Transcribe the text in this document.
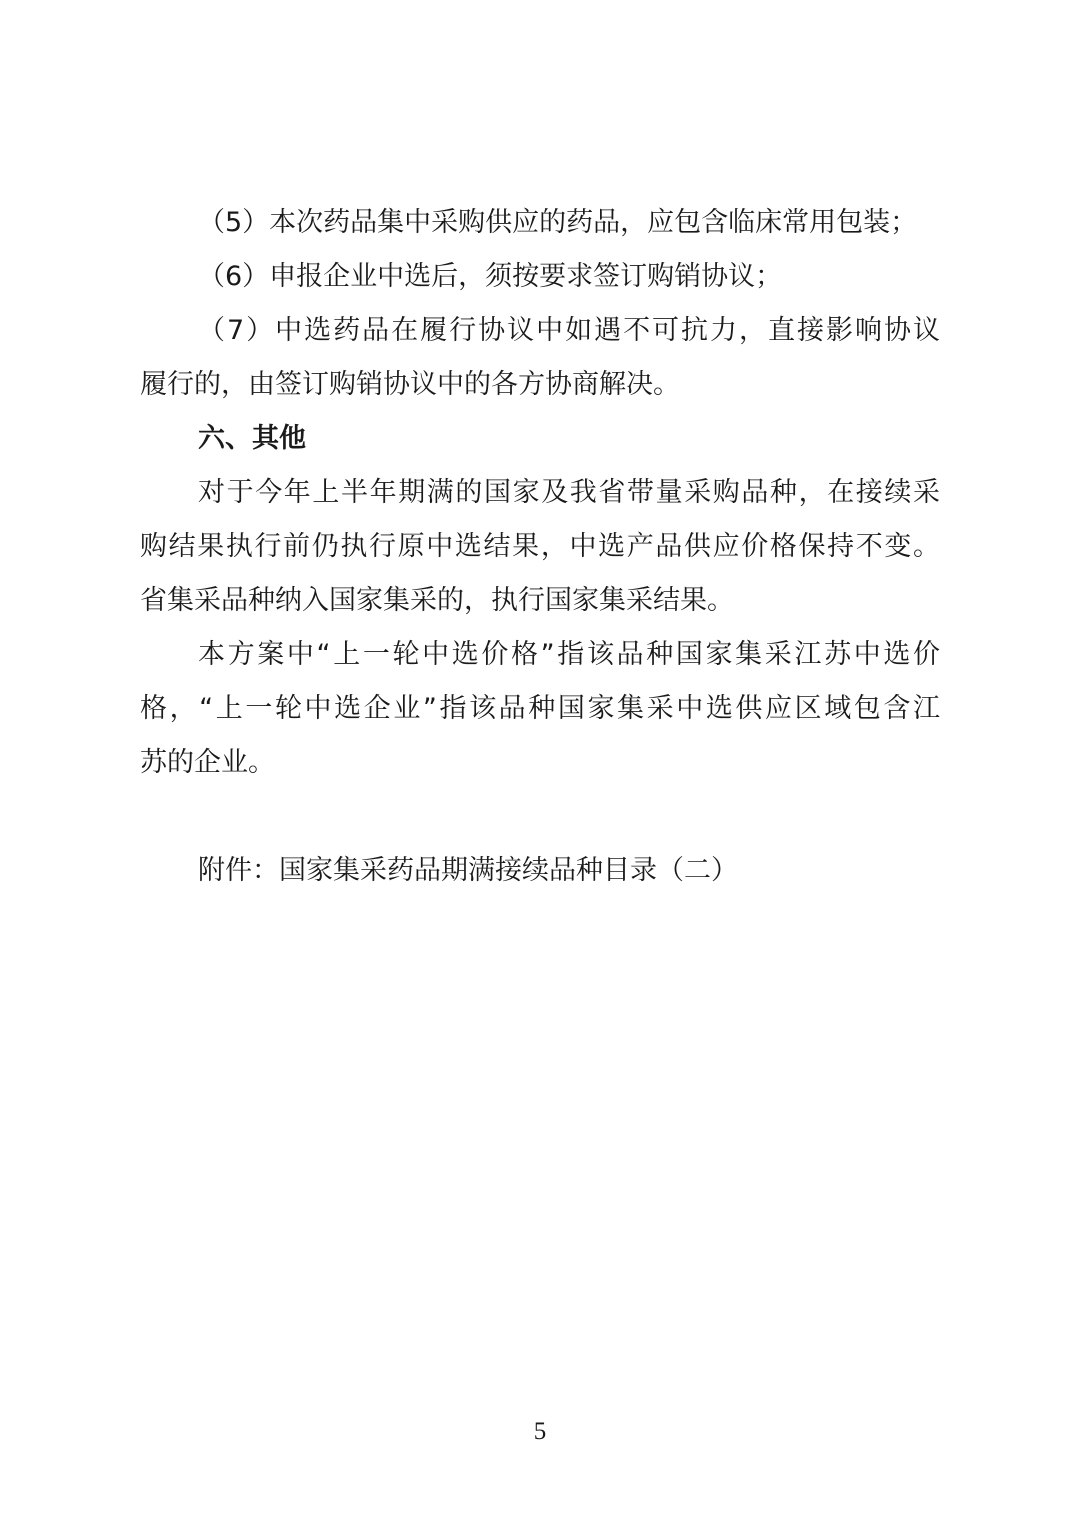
（5）本次药品集中采购供应的药品，应包含临床常用包装；
（6）申报企业中选后，须按要求签订购销协议；
（7）中选药品在履行协议中如遇不可抗力，直接影响协议
履行的，由签订购销协议中的各方协商解决。
六、其他
对于今年上半年期满的国家及我省带量采购品种，在接续采
购结果执行前仍执行原中选结果，中选产品供应价格保持不变。
省集采品种纳入国家集采的，执行国家集采结果。
本方案中“上一轮中选价格”指该品种国家集采江苏中选价
格，“上一轮中选企业”指该品种国家集采中选供应区域包含江
苏的企业。
附件：国家集采药品期满接续品种目录（二）
5
